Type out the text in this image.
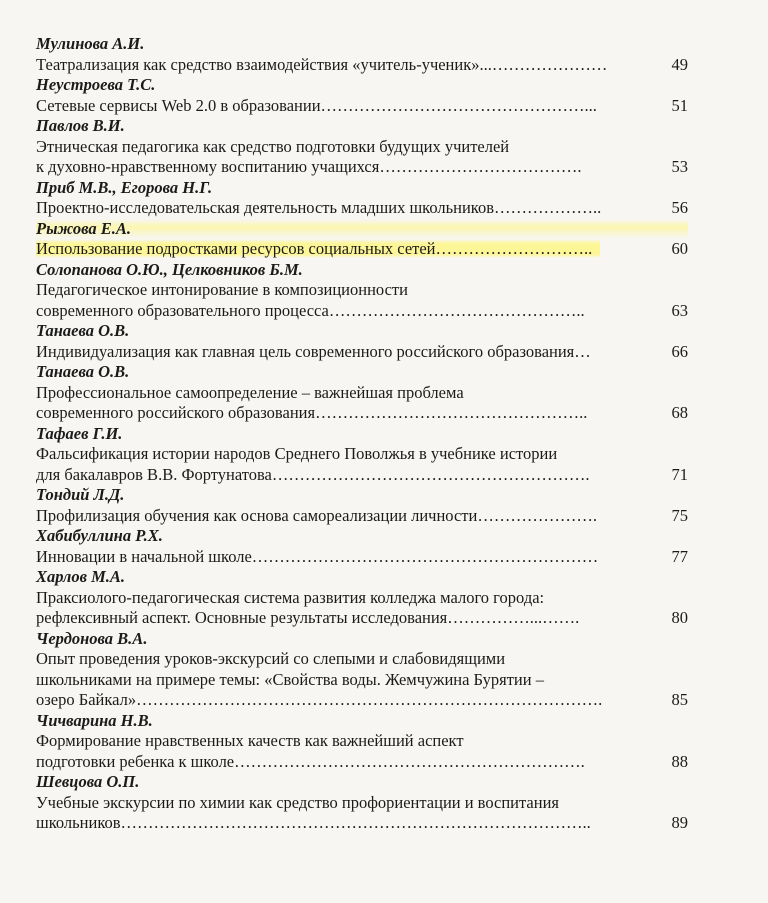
Мулинова А.И.
Театрализация как средство взаимодействия «учитель-ученик»...…………………	49
Неустроева Т.С.
Сетевые сервисы Web 2.0 в образовании…………………………………………...	51
Павлов В.И.
Этническая педагогика как средство подготовки будущих учителей
к духовно-нравственному воспитанию учащихся……………………………….	53
Приб М.В., Егорова Н.Г.
Проектно-исследовательская деятельность младших школьников………………..	56
Рыжова Е.А.
Использование подростками ресурсов социальных сетей………………………..	60
Солопанова О.Ю., Целковников Б.М.
Педагогическое интонирование в композиционности
современного образовательного процесса………………………………………..	63
Танаева О.В.
Индивидуализация как главная цель современного российского образования…	66
Танаева О.В.
Профессиональное самоопределение – важнейшая проблема
современного российского образования…………………………………………..	68
Тафаев Г.И.
Фальсификация истории народов Среднего Поволжья в учебнике истории
для бакалавров В.В. Фортунатова………………………………………………….	71
Тондий Л.Д.
Профилизация обучения как основа самореализации личности………………….	75
Хабибуллина Р.Х.
Инновации в начальной школе………………………………………………………	77
Харлов М.А.
Праксиолого-педагогическая система развития колледжа малого города:
рефлексивный аспект. Основные результаты исследования……………...…….	80
Чердонова В.А.
Опыт проведения уроков-экскурсий со слепыми и слабовидящими
школьниками на примере темы: «Свойства воды. Жемчужина Бурятии –
озеро Байкал»………………………………………………………………………….	85
Чичварина Н.В.
Формирование нравственных качеств как важнейший аспект
подготовки ребенка к школе……………………………………………………….	88
Шевцова О.П.
Учебные экскурсии по химии как средство профориентации и воспитания
школьников…………………………………………………………………………..	89
